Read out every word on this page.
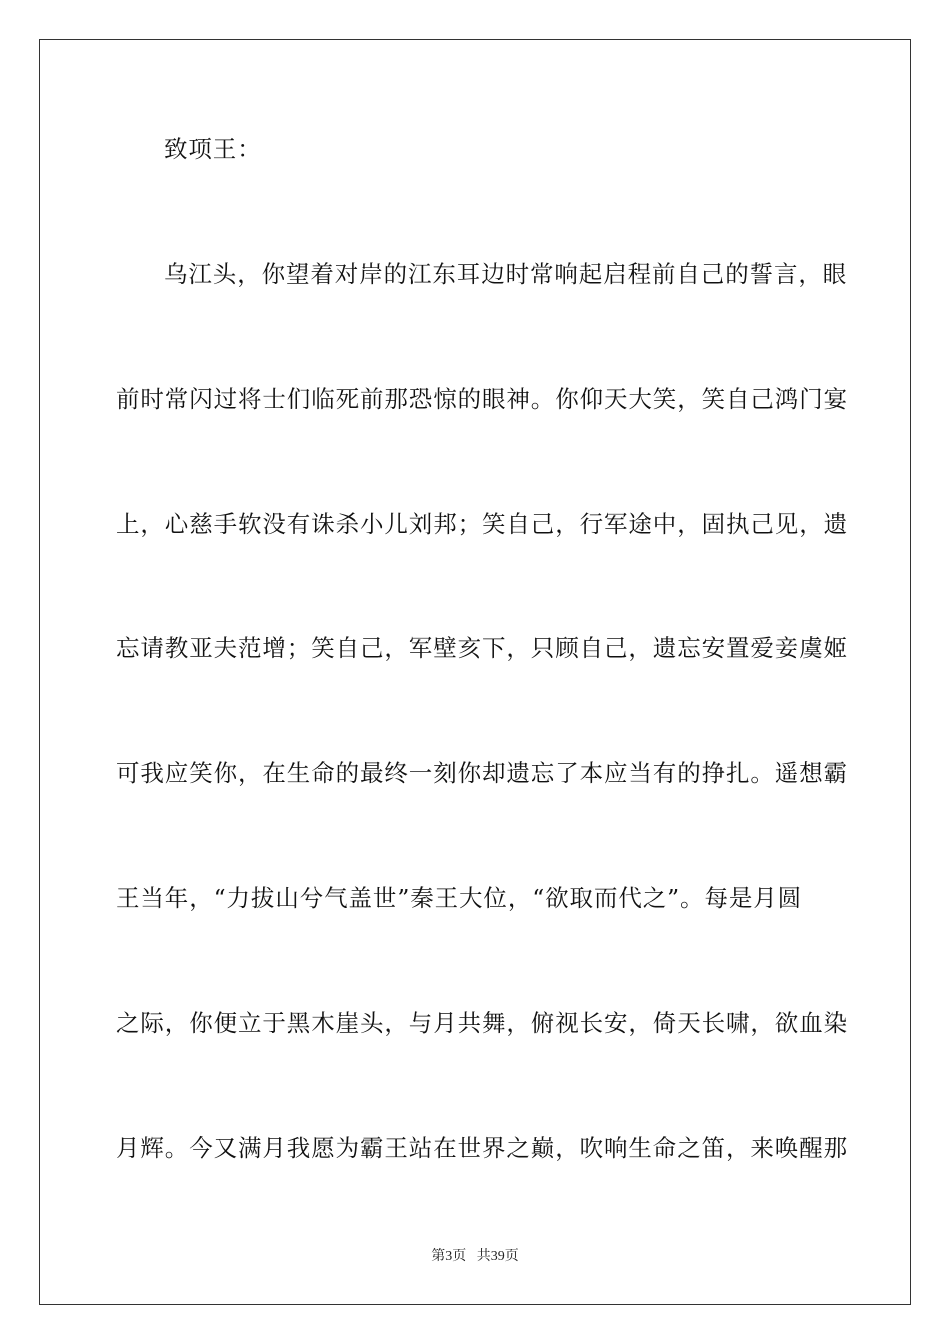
致项王：
乌江头，你望着对岸的江东耳边时常响起启程前自己的誓言，眼
前时常闪过将士们临死前那恐惊的眼神。你仰天大笑，笑自己鸿门宴
上，心慈手软没有诛杀小儿刘邦；笑自己，行军途中，固执己见，遗
忘请教亚夫范增；笑自己，军壁亥下，只顾自己，遗忘安置爱妾虞姬
可我应笑你，在生命的最终一刻你却遗忘了本应当有的挣扎。遥想霸
王当年，“力拔山兮气盖世”秦王大位，“欲取而代之”。每是月圆
之际，你便立于黑木崖头，与月共舞，俯视长安，倚天长啸，欲血染
月辉。今又满月我愿为霸王站在世界之巅，吹响生命之笛，来唤醒那
第3页 共39页
